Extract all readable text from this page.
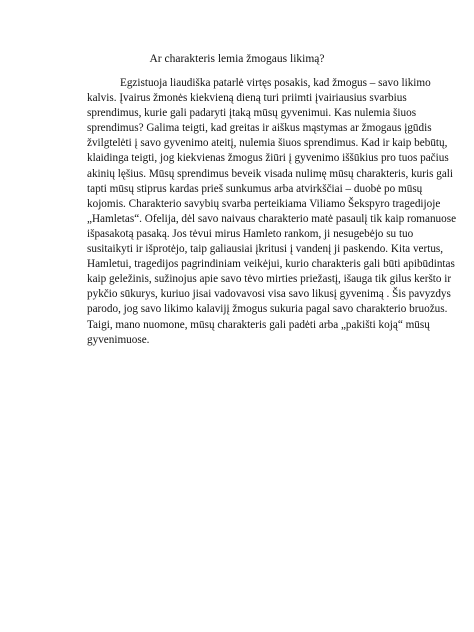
Ar charakteris lemia žmogaus likimą?
Egzistuoja liaudiška patarlė virtęs posakis, kad žmogus – savo likimo
kalvis. Įvairus žmonės kiekvieną dieną turi priimti įvairiausius svarbius
sprendimus, kurie gali padaryti įtaką mūsų gyvenimui. Kas nulemia šiuos
sprendimus? Galima teigti, kad greitas ir aiškus mąstymas ar žmogaus įgūdis
žvilgtelėti į savo gyvenimo ateitį, nulemia šiuos sprendimus. Kad ir kaip bebūtų,
klaidinga teigti, jog kiekvienas žmogus žiūri į gyvenimo iššūkius pro tuos pačius
akinių lęšius. Mūsų sprendimus beveik visada nulimę mūsų charakteris, kuris gali
tapti mūsų stiprus kardas prieš sunkumus arba atvirkščiai – duobė po mūsų
kojomis. Charakterio savybių svarba perteikiama Viliamo Šekspyro tragedijoje
„Hamletas“. Ofelija, dėl savo naivaus charakterio matė pasaulį tik kaip romanuose
išpasakotą pasaką. Jos tėvui mirus Hamleto rankom, ji nesugebėjo su tuo
susitaikyti ir išprotėjo, taip galiausiai įkritusi į vandenį ji paskendo. Kita vertus,
Hamletui, tragedijos pagrindiniam veikėjui, kurio charakteris gali būti apibūdintas
kaip geležinis, sužinojus apie savo tėvo mirties priežastį, išauga tik gilus keršto ir
pykčio sūkurys, kuriuo jisai vadovavosi visa savo likusį gyvenimą . Šis pavyzdys
parodo, jog savo likimo kalavijį žmogus sukuria pagal savo charakterio bruožus.
Taigi, mano nuomone, mūsų charakteris gali padėti arba „pakišti koją“ mūsų
gyvenimuose.
